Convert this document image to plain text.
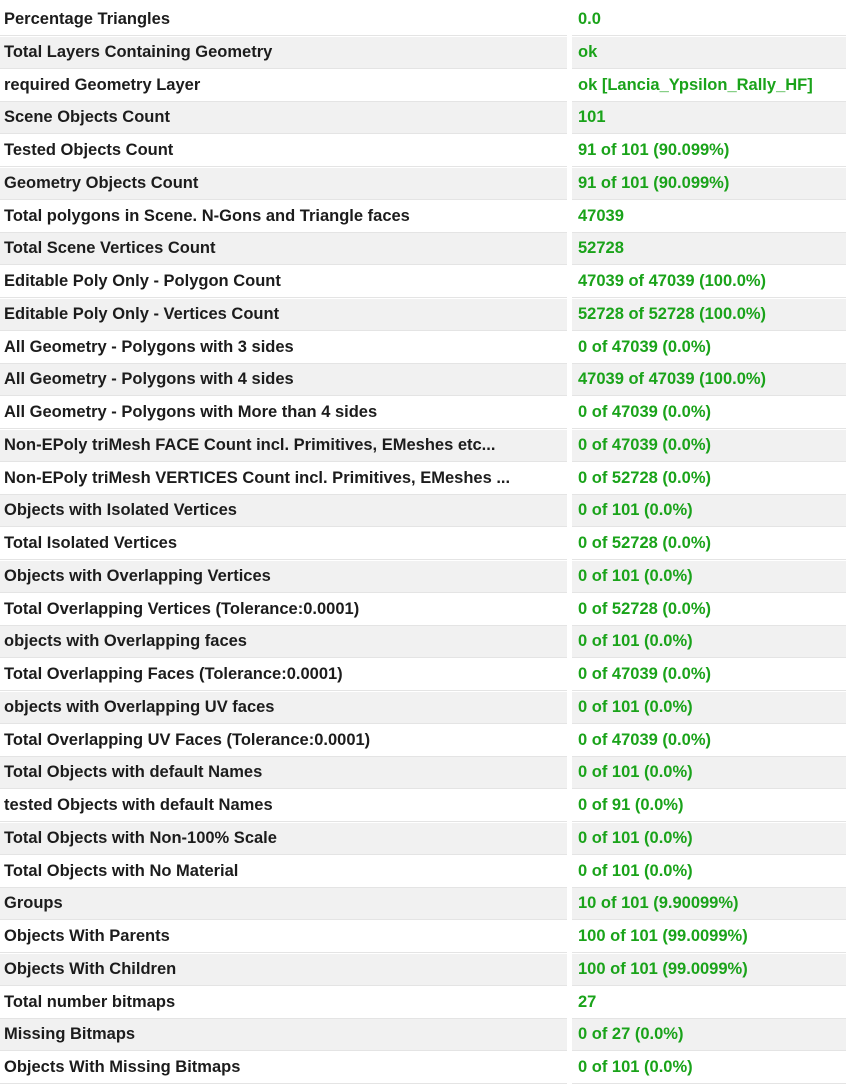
Percentage Triangles	0.0
Total Layers Containing Geometry	ok
required Geometry Layer	ok [Lancia_Ypsilon_Rally_HF]
Scene Objects Count	101
Tested Objects Count	91 of 101 (90.099%)
Geometry Objects Count	91 of 101 (90.099%)
Total polygons in Scene. N-Gons and Triangle faces	47039
Total Scene Vertices Count	52728
Editable Poly Only - Polygon Count	47039 of 47039 (100.0%)
Editable Poly Only - Vertices Count	52728 of 52728 (100.0%)
All Geometry - Polygons with 3 sides	0 of 47039 (0.0%)
All Geometry - Polygons with 4 sides	47039 of 47039 (100.0%)
All Geometry - Polygons with More than 4 sides	0 of 47039 (0.0%)
Non-EPoly triMesh FACE Count incl. Primitives, EMeshes etc...	0 of 47039 (0.0%)
Non-EPoly triMesh VERTICES Count incl. Primitives, EMeshes ...	0 of 52728 (0.0%)
Objects with Isolated Vertices	0 of 101 (0.0%)
Total Isolated Vertices	0 of 52728 (0.0%)
Objects with Overlapping Vertices	0 of 101 (0.0%)
Total Overlapping Vertices (Tolerance:0.0001)	0 of 52728 (0.0%)
objects with Overlapping faces	0 of 101 (0.0%)
Total Overlapping Faces (Tolerance:0.0001)	0 of 47039 (0.0%)
objects with Overlapping UV faces	0 of 101 (0.0%)
Total Overlapping UV Faces (Tolerance:0.0001)	0 of 47039 (0.0%)
Total Objects with default Names	0 of 101 (0.0%)
tested Objects with default Names	0 of 91 (0.0%)
Total Objects with Non-100% Scale	0 of 101 (0.0%)
Total Objects with No Material	0 of 101 (0.0%)
Groups	10 of 101 (9.90099%)
Objects With Parents	100 of 101 (99.0099%)
Objects With Children	100 of 101 (99.0099%)
Total number bitmaps	27
Missing Bitmaps	0 of 27 (0.0%)
Objects With Missing Bitmaps	0 of 101 (0.0%)
